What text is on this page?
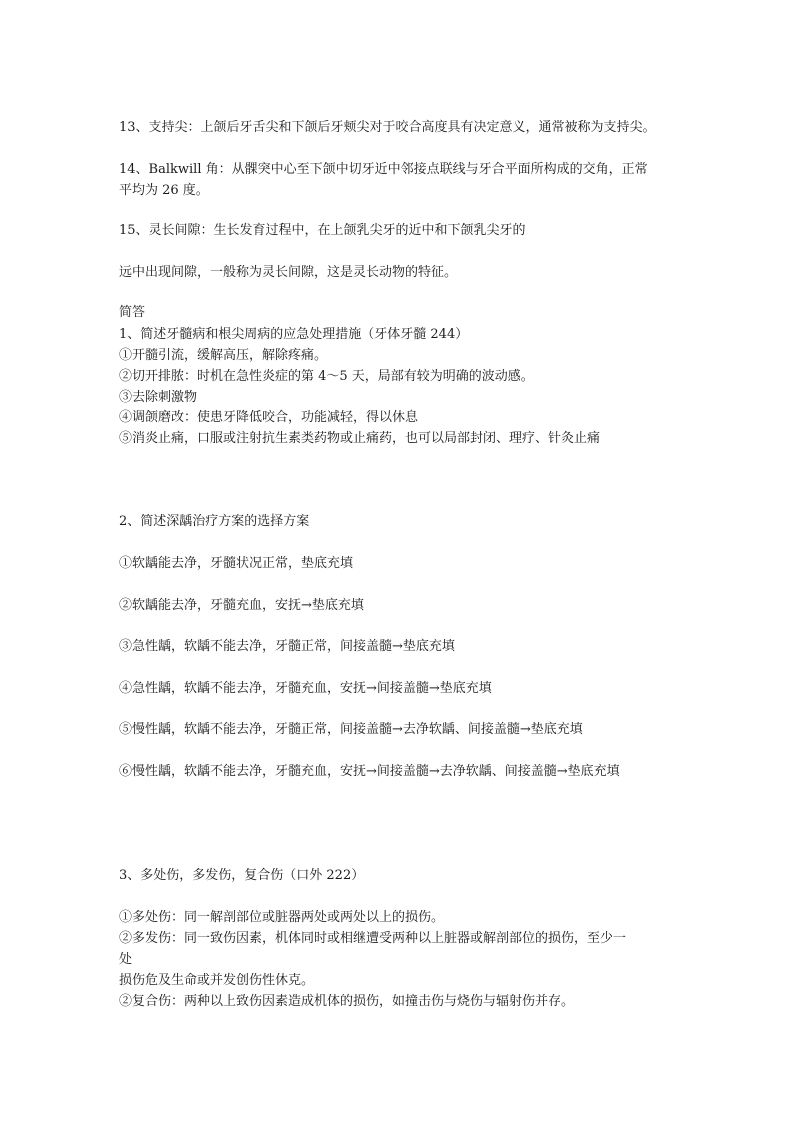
13、支持尖：上颌后牙舌尖和下颌后牙颊尖对于咬合高度具有决定意义，通常被称为支持尖。
14、Balkwill 角：从髁突中心至下颌中切牙近中邻接点联线与牙合平面所构成的交角，正常
平均为 26 度。
15、灵长间隙：生长发育过程中，在上颌乳尖牙的近中和下颌乳尖牙的
远中出现间隙，一般称为灵长间隙，这是灵长动物的特征。
简答
1、简述牙髓病和根尖周病的应急处理措施（牙体牙髓 244）
①开髓引流，缓解高压，解除疼痛。
②切开排脓：时机在急性炎症的第 4～5 天，局部有较为明确的波动感。
③去除刺激物
④调颌磨改：使患牙降低咬合，功能减轻，得以休息
⑤消炎止痛，口服或注射抗生素类药物或止痛药，也可以局部封闭、理疗、针灸止痛
2、简述深龋治疗方案的选择方案
①软龋能去净，牙髓状况正常，垫底充填
②软龋能去净，牙髓充血，安抚→垫底充填
③急性龋，软龋不能去净，牙髓正常，间接盖髓→垫底充填
④急性龋，软龋不能去净，牙髓充血，安抚→间接盖髓→垫底充填
⑤慢性龋，软龋不能去净，牙髓正常，间接盖髓→去净软龋、间接盖髓→垫底充填
⑥慢性龋，软龋不能去净，牙髓充血，安抚→间接盖髓→去净软龋、间接盖髓→垫底充填
3、多处伤，多发伤，复合伤（口外 222）
①多处伤：同一解剖部位或脏器两处或两处以上的损伤。
②多发伤：同一致伤因素，机体同时或相继遭受两种以上脏器或解剖部位的损伤，至少一
处
损伤危及生命或并发创伤性休克。
②复合伤：两种以上致伤因素造成机体的损伤，如撞击伤与烧伤与辐射伤并存。
